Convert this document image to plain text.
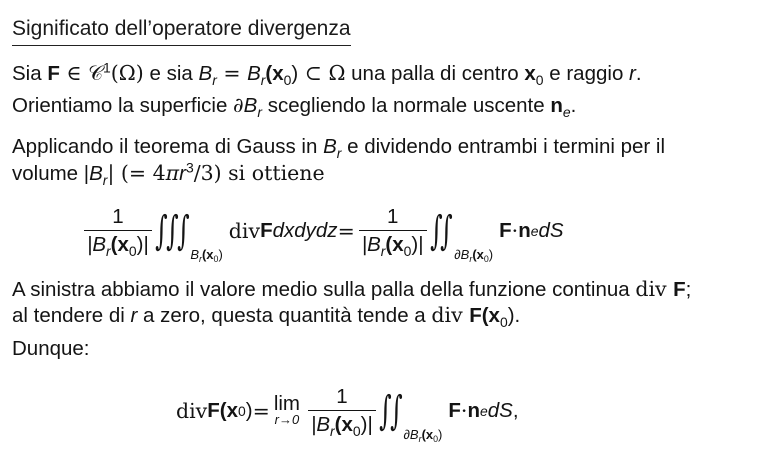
Significato dell’operatore divergenza
Sia F ∈ 𝒞$^1$(Ω) e sia $B_r = B_r(x_0)$ ⊂ Ω una palla di centro $x_0$ e raggio r.
Orientiamo la superficie $\partial B_r$ scegliendo la normale uscente $n_e$.
Applicando il teorema di Gauss in $B_r$ e dividendo entrambi i termini per il
volume $|B_r|$ (= $4\pi r^3/3$) si ottiene
$\frac{1}{|B_r(x_0)|}$ ∫
∫
∫
$B_r(x_0)$
div F dxdydz = $\frac{1}{|B_r(x_0)|}$ ∫
∫
$\partial B_r(x_0)$
F · n e dS
A sinistra abbiamo il valore medio sulla palla della funzione continua div F;
al tendere di r a zero, questa quantità tende a div $F(x_0)$.
Dunque:
div F (x 0 ) = lim
$r\to 0 \frac{1}{|B_r(x_0)|}$ ∫
∫
$\partial B_r(x_0)$
F · n e dS ,
